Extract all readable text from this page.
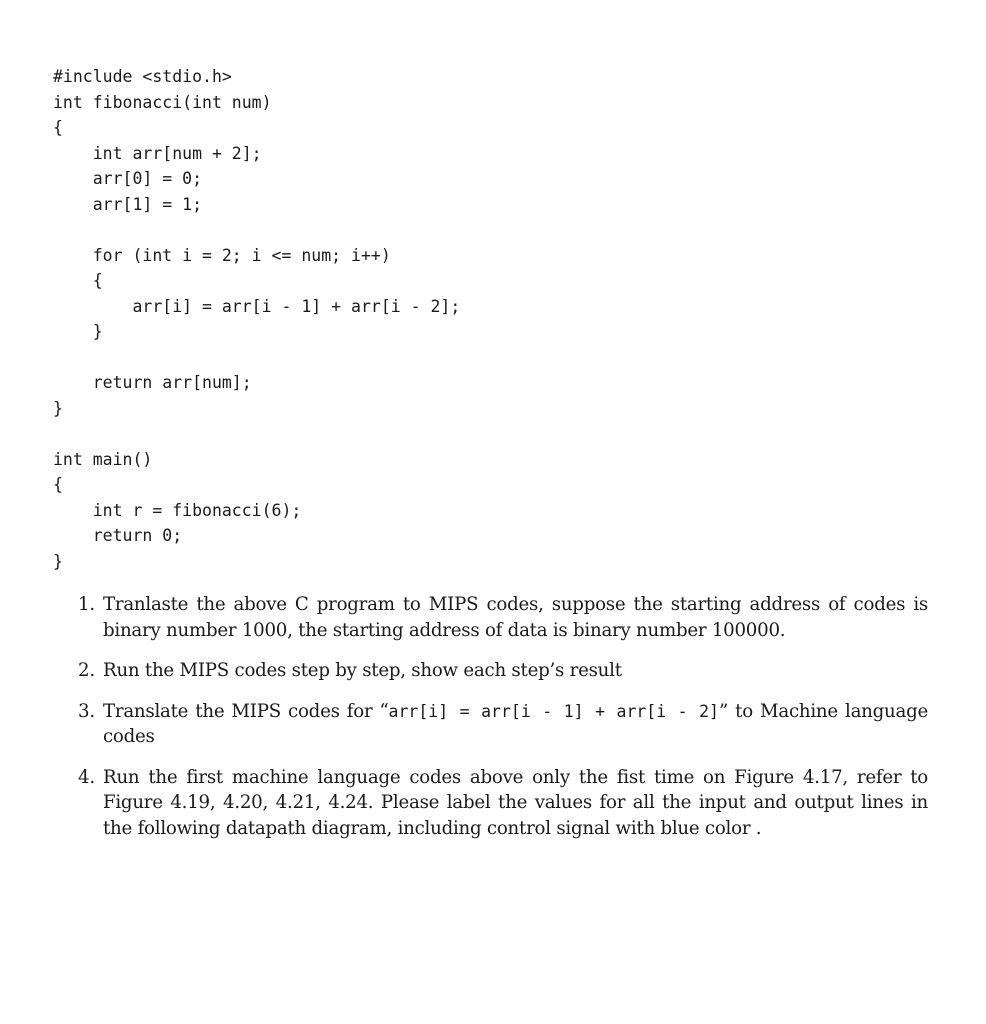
#include <stdio.h>
int fibonacci(int num)
{
int arr[num + 2];
arr[0] = 0;
arr[1] = 1;
for (int i = 2; i <= num; i++)
{
arr[i] = arr[i - 1] + arr[i - 2];
}
return arr[num];
}
int main()
{
int r = fibonacci(6);
return 0;
}
1. Tranlaste the above C program to MIPS codes, suppose the starting address of codes is binary number 1000, the starting address of data is binary number 100000.
2. Run the MIPS codes step by step, show each step’s result
3. Translate the MIPS codes for “arr[i] = arr[i - 1] + arr[i - 2]” to Machine language codes
4. Run the first machine language codes above only the fist time on Figure 4.17, refer to Figure 4.19, 4.20, 4.21, 4.24. Please label the values for all the input and output lines in the following datapath diagram, including control signal with blue color .
